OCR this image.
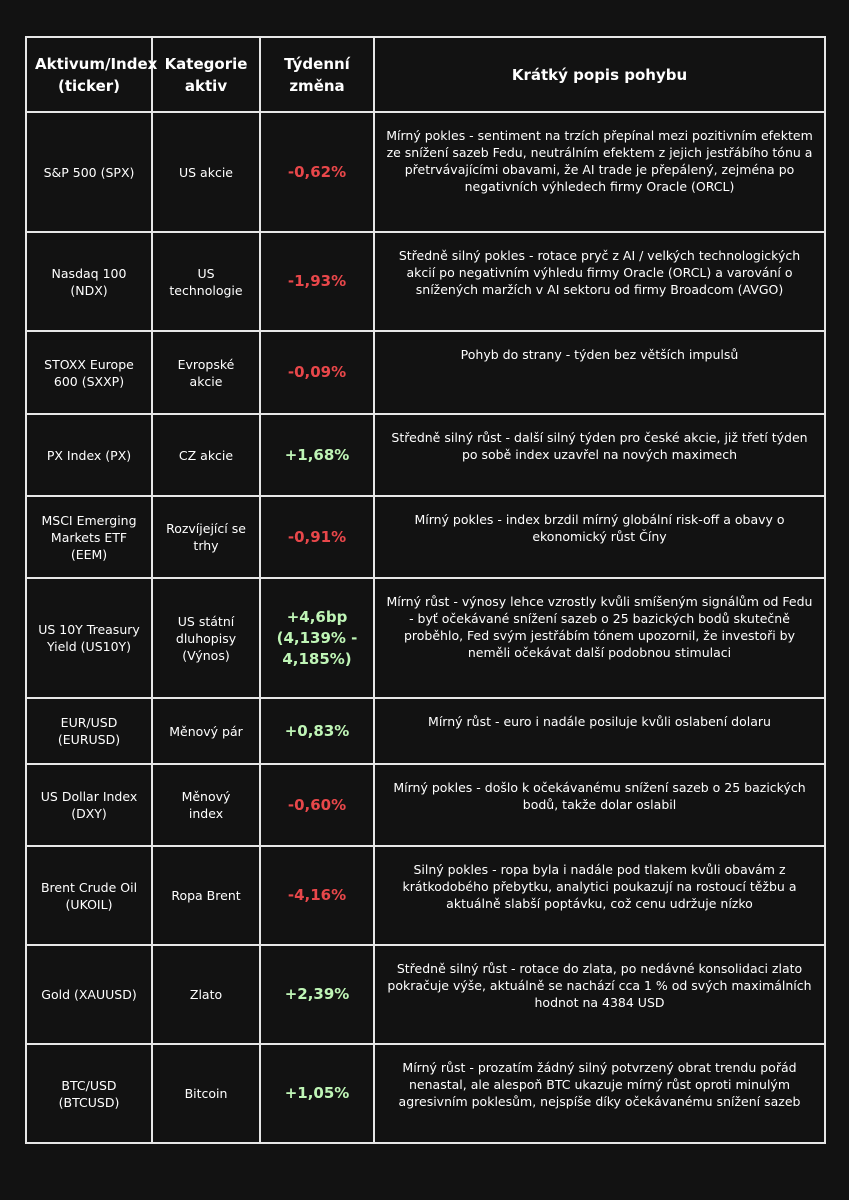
Aktivum/Index (ticker)	Kategorie aktiv	Týdenní změna	Krátký popis pohybu
S&P 500 (SPX)	US akcie	-0,62%	Mírný pokles - sentiment na trzích přepínal mezi pozitivním efektem ze snížení sazeb Fedu, neutrálním efektem z jejich jestřábího tónu a přetrvávajícími obavami, že AI trade je přepálený, zejména po negativních výhledech firmy Oracle (ORCL)
Nasdaq 100 (NDX)	US technologie	-1,93%	Středně silný pokles - rotace pryč z AI / velkých technologických akcií po negativním výhledu firmy Oracle (ORCL) a varování o snížených maržích v AI sektoru od firmy Broadcom (AVGO)
STOXX Europe 600 (SXXP)	Evropské akcie	-0,09%	Pohyb do strany - týden bez větších impulsů
PX Index (PX)	CZ akcie	+1,68%	Středně silný růst - další silný týden pro české akcie, již třetí týden po sobě index uzavřel na nových maximech
MSCI Emerging Markets ETF (EEM)	Rozvíjející se trhy	-0,91%	Mírný pokles - index brzdil mírný globální risk-off a obavy o ekonomický růst Číny
US 10Y Treasury Yield (US10Y)	US státní dluhopisy (Výnos)	+4,6bp (4,139% - 4,185%)	Mírný růst - výnosy lehce vzrostly kvůli smíšeným signálům od Fedu - byť očekávané snížení sazeb o 25 bazických bodů skutečně proběhlo, Fed svým jestřábím tónem upozornil, že investoři by neměli očekávat další podobnou stimulaci
EUR/USD (EURUSD)	Měnový pár	+0,83%	Mírný růst - euro i nadále posiluje kvůli oslabení dolaru
US Dollar Index (DXY)	Měnový index	-0,60%	Mírný pokles - došlo k očekávanému snížení sazeb o 25 bazických bodů, takže dolar oslabil
Brent Crude Oil (UKOIL)	Ropa Brent	-4,16%	Silný pokles - ropa byla i nadále pod tlakem kvůli obavám z krátkodobého přebytku, analytici poukazují na rostoucí těžbu a aktuálně slabší poptávku, což cenu udržuje nízko
Gold (XAUUSD)	Zlato	+2,39%	Středně silný růst - rotace do zlata, po nedávné konsolidaci zlato pokračuje výše, aktuálně se nachází cca 1 % od svých maximálních hodnot na 4384 USD
BTC/USD (BTCUSD)	Bitcoin	+1,05%	Mírný růst - prozatím žádný silný potvrzený obrat trendu pořád nenastal, ale alespoň BTC ukazuje mírný růst oproti minulým agresivním poklesům, nejspíše díky očekávanému snížení sazeb
